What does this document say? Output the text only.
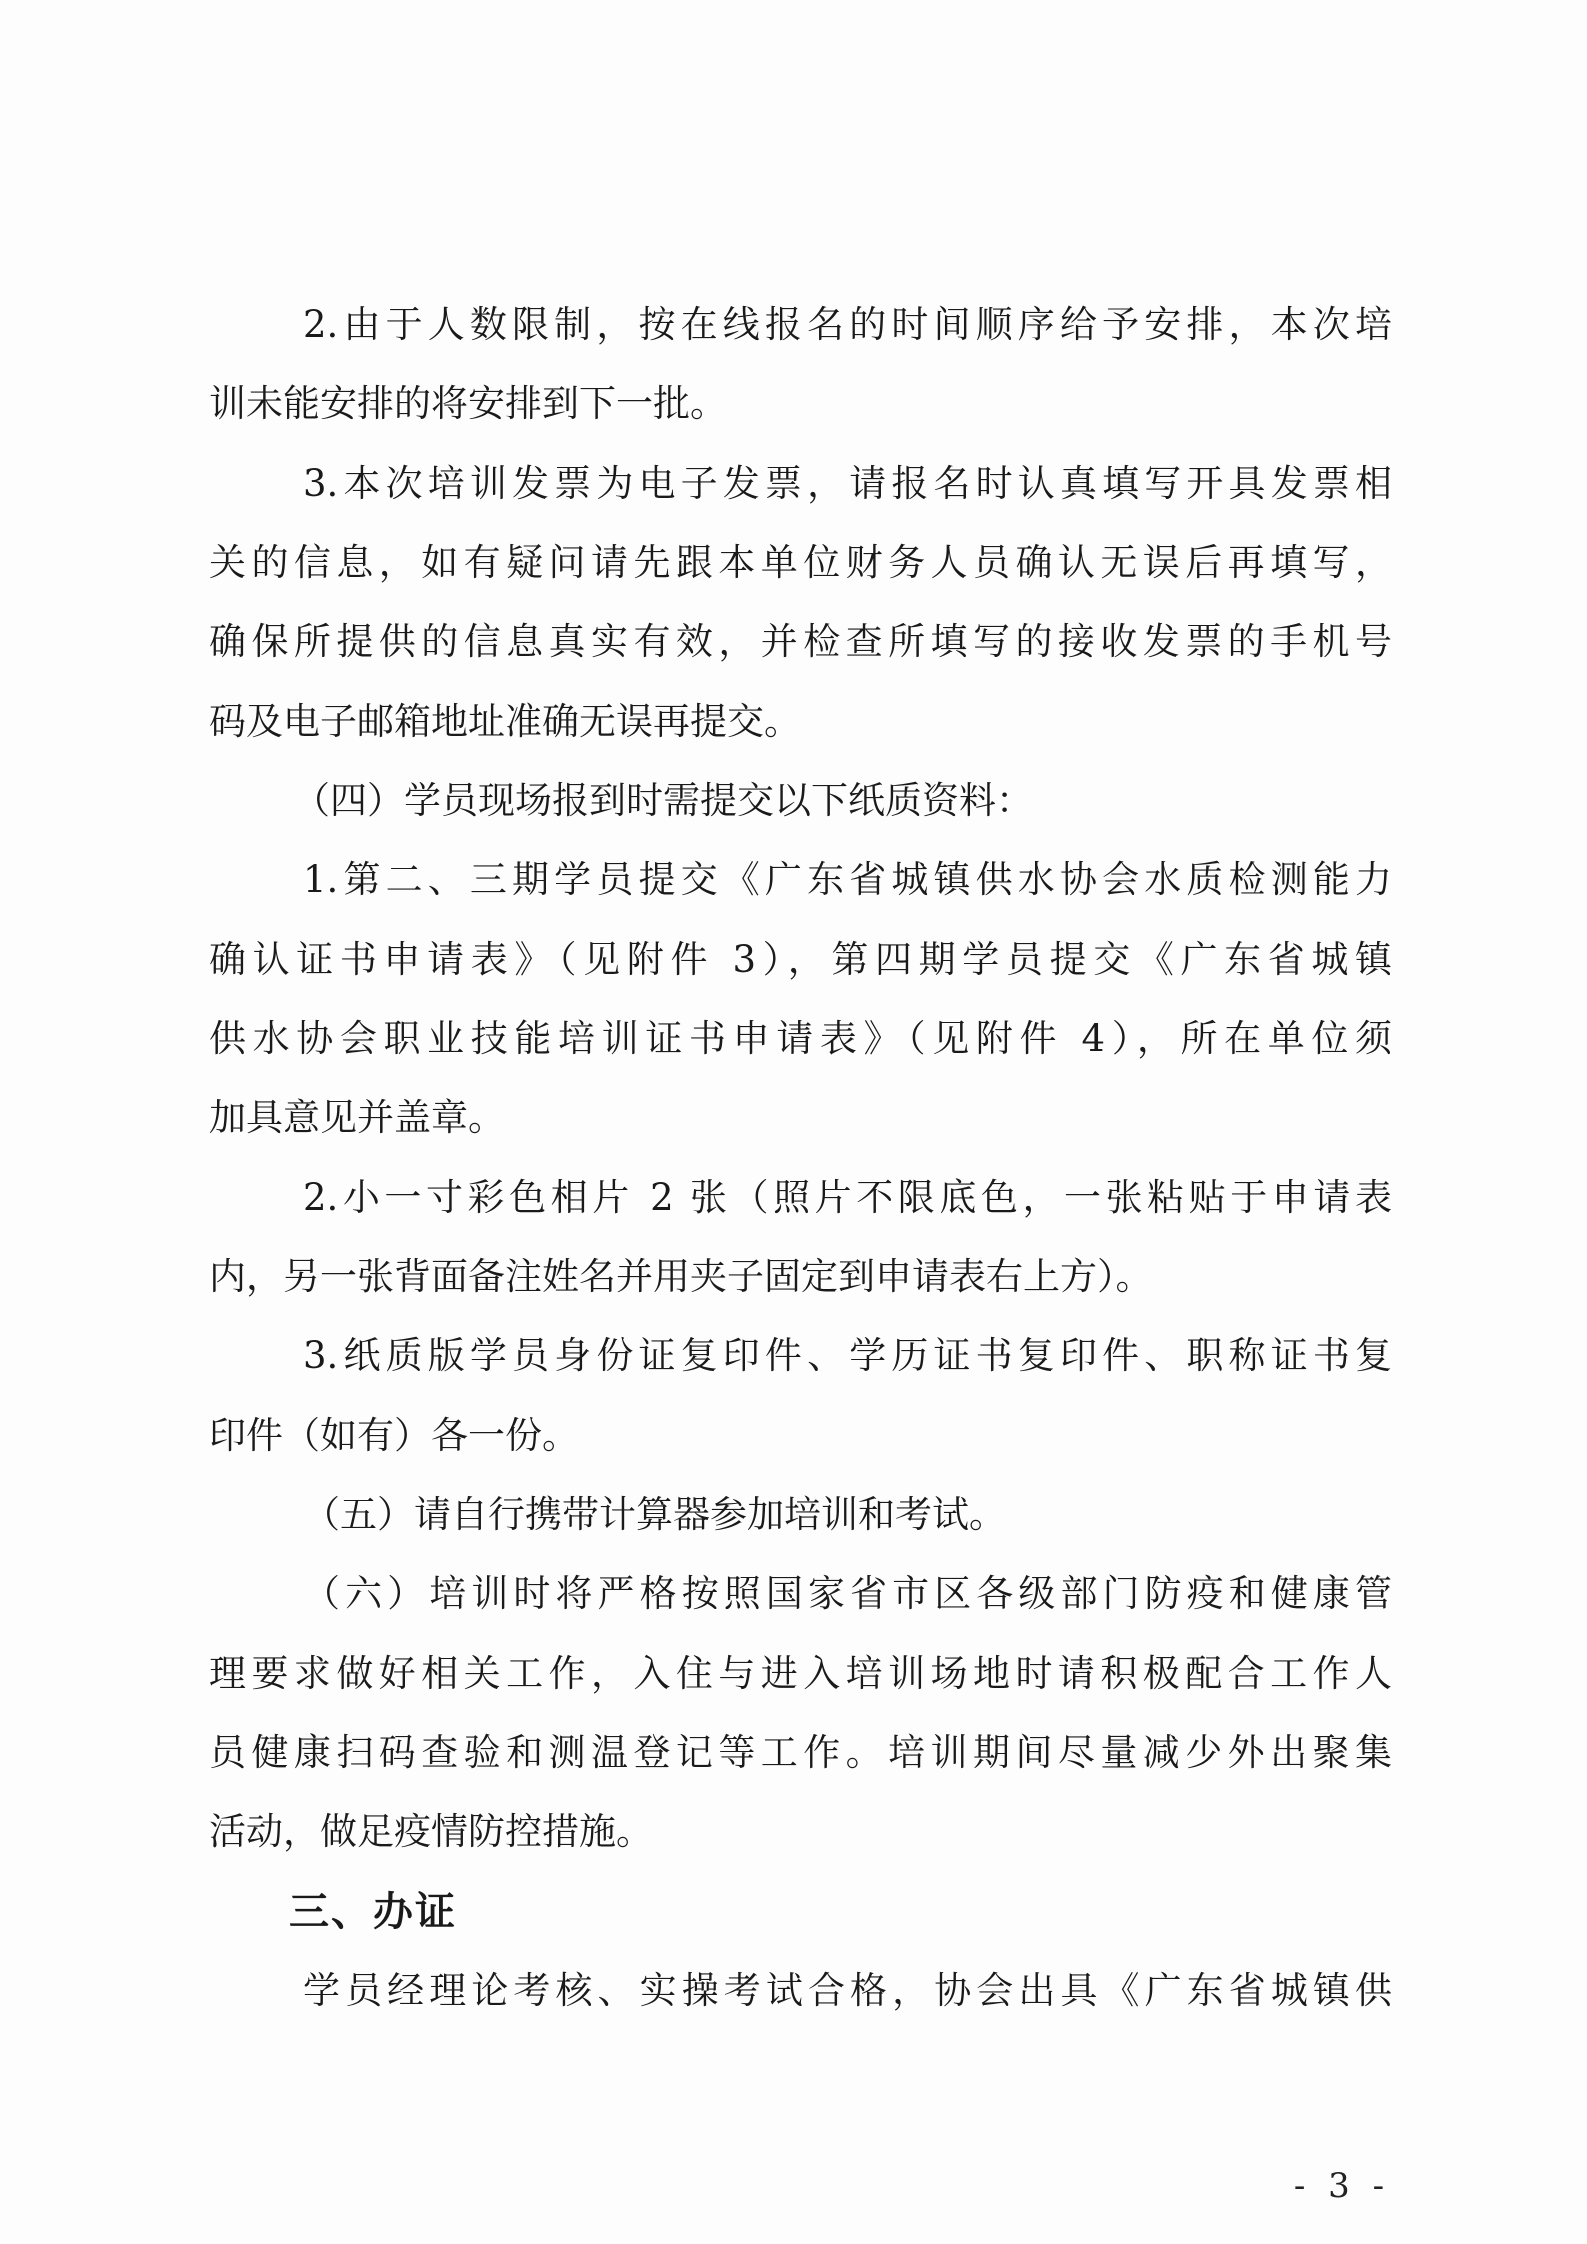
2.由于人数限制，按在线报名的时间顺序给予安排，本次培
训未能安排的将安排到下一批。
3.本次培训发票为电子发票，请报名时认真填写开具发票相
关的信息，如有疑问请先跟本单位财务人员确认无误后再填写，
确保所提供的信息真实有效，并检查所填写的接收发票的手机号
码及电子邮箱地址准确无误再提交。
（四）学员现场报到时需提交以下纸质资料：
1.第二、三期学员提交《广东省城镇供水协会水质检测能力
确认证书申请表》（见附件 3），第四期学员提交《广东省城镇
供水协会职业技能培训证书申请表》（见附件 4），所在单位须
加具意见并盖章。
2.小一寸彩色相片 2 张（照片不限底色，一张粘贴于申请表
内，另一张背面备注姓名并用夹子固定到申请表右上方）。
3.纸质版学员身份证复印件、学历证书复印件、职称证书复
印件（如有）各一份。
（五）请自行携带计算器参加培训和考试。
（六）培训时将严格按照国家省市区各级部门防疫和健康管
理要求做好相关工作，入住与进入培训场地时请积极配合工作人
员健康扫码查验和测温登记等工作。培训期间尽量减少外出聚集
活动，做足疫情防控措施。
三、办证
学员经理论考核、实操考试合格，协会出具《广东省城镇供
- 3 -
